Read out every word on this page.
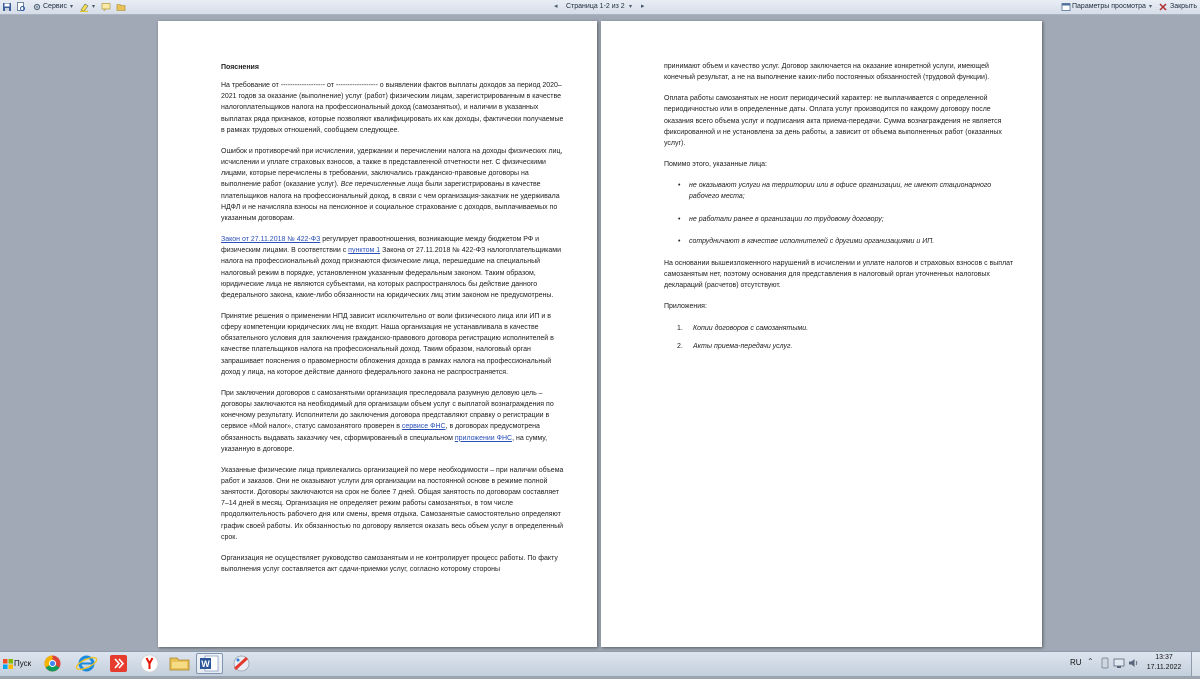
Сервис ▾	▾	◂ Страница 1-2 из 2 ▾ ▸	Параметры просмотра ▾	Закрыть

Пояснения

На требование от ------------------- от ------------------ о выявлении фактов выплаты доходов за период 2020–2021 годов за оказание (выполнение) услуг (работ) физическим лицам, зарегистрированным в качестве налогоплательщиков налога на профессиональный доход (самозанятых), и наличии в указанных выплатах ряда признаков, которые позволяют квалифицировать их как доходы, фактически получаемые в рамках трудовых отношений, сообщаем следующее.

Ошибок и противоречий при исчислении, удержании и перечислении налога на доходы физических лиц, исчислении и уплате страховых взносов, а также в представленной отчетности нет. С физическими лицами, которые перечислены в требовании, заключались гражданско-правовые договоры на выполнение работ (оказание услуг). Все перечисленные лица были зарегистрированы в качестве плательщиков налога на профессиональный доход, в связи с чем организация-заказчик не удерживала НДФЛ и не начисляла взносы на пенсионное и социальное страхование с доходов, выплачиваемых по указанным договорам.

Закон от 27.11.2018 № 422-ФЗ регулирует правоотношения, возникающие между бюджетом РФ и физическим лицами. В соответствии с пунктом 1 Закона от 27.11.2018 № 422-ФЗ налогоплательщиками налога на профессиональный доход признаются физические лица, перешедшие на специальный налоговый режим в порядке, установленном указанным федеральным законом. Таким образом, юридические лица не являются субъектами, на которых распространялось бы действие данного федерального закона, какие-либо обязанности на юридических лиц этим законом не предусмотрены.

Принятие решения о применении НПД зависит исключительно от воли физического лица или ИП и в сферу компетенции юридических лиц не входит. Наша организация не устанавливала в качестве обязательного условия для заключения гражданско-правового договора регистрацию исполнителей в качестве плательщиков налога на профессиональный доход. Таким образом, налоговый орган запрашивает пояснения о правомерности обложения дохода в рамках налога на профессиональный доход у лица, на которое действие данного федерального закона не распространяется.

При заключении договоров с самозанятыми организация преследовала разумную деловую цель – договоры заключаются на необходимый для организации объем услуг с выплатой вознаграждения по конечному результату. Исполнители до заключения договора представляют справку о регистрации в сервисе «Мой налог», статус самозанятого проверен в сервисе ФНС, в договорах предусмотрена обязанность выдавать заказчику чек, сформированный в специальном приложении ФНС, на сумму, указанную в договоре.

Указанные физические лица привлекались организацией по мере необходимости – при наличии объема работ и заказов. Они не оказывают услуги для организации на постоянной основе в режиме полной занятости. Договоры заключаются на срок не более 7 дней. Общая занятость по договорам составляет 7–14 дней в месяц. Организация не определяет режим работы самозанятых, в том числе продолжительность рабочего дня или смены, время отдыха. Самозанятые самостоятельно определяют график своей работы. Их обязанностью по договору является оказать весь объем услуг в определенный срок.

Организация не осуществляет руководство самозанятым и не контролирует процесс работы. По факту выполнения услуг составляется акт сдачи-приемки услуг, согласно которому стороны

принимают объем и качество услуг. Договор заключается на оказание конкретной услуги, имеющей конечный результат, а не на выполнение каких-либо постоянных обязанностей (трудовой функции).

Оплата работы самозанятых не носит периодический характер: не выплачивается с определенной периодичностью или в определенные даты. Оплата услуг производится по каждому договору после оказания всего объема услуг и подписания акта приема-передачи. Сумма вознаграждения не является фиксированной и не установлена за день работы, а зависит от объема выполненных работ (оказанных услуг).

Помимо этого, указанные лица:

• не оказывают услуги на территории или в офисе организации, не имеют стационарного рабочего места;
• не работали ранее в организации по трудовому договору;
• сотрудничают в качестве исполнителей с другими организациями и ИП.

На основании вышеизложенного нарушений в исчислении и уплате налогов и страховых взносов с выплат самозанятым нет, поэтому основания для представления в налоговый орган уточненных налоговых деклараций (расчетов) отсутствуют.

Приложения:

1. Копии договоров с самозанятыми.
2. Акты приема-передачи услуг.
Пуск	W	RU ⌃	13:37
17.11.2022
